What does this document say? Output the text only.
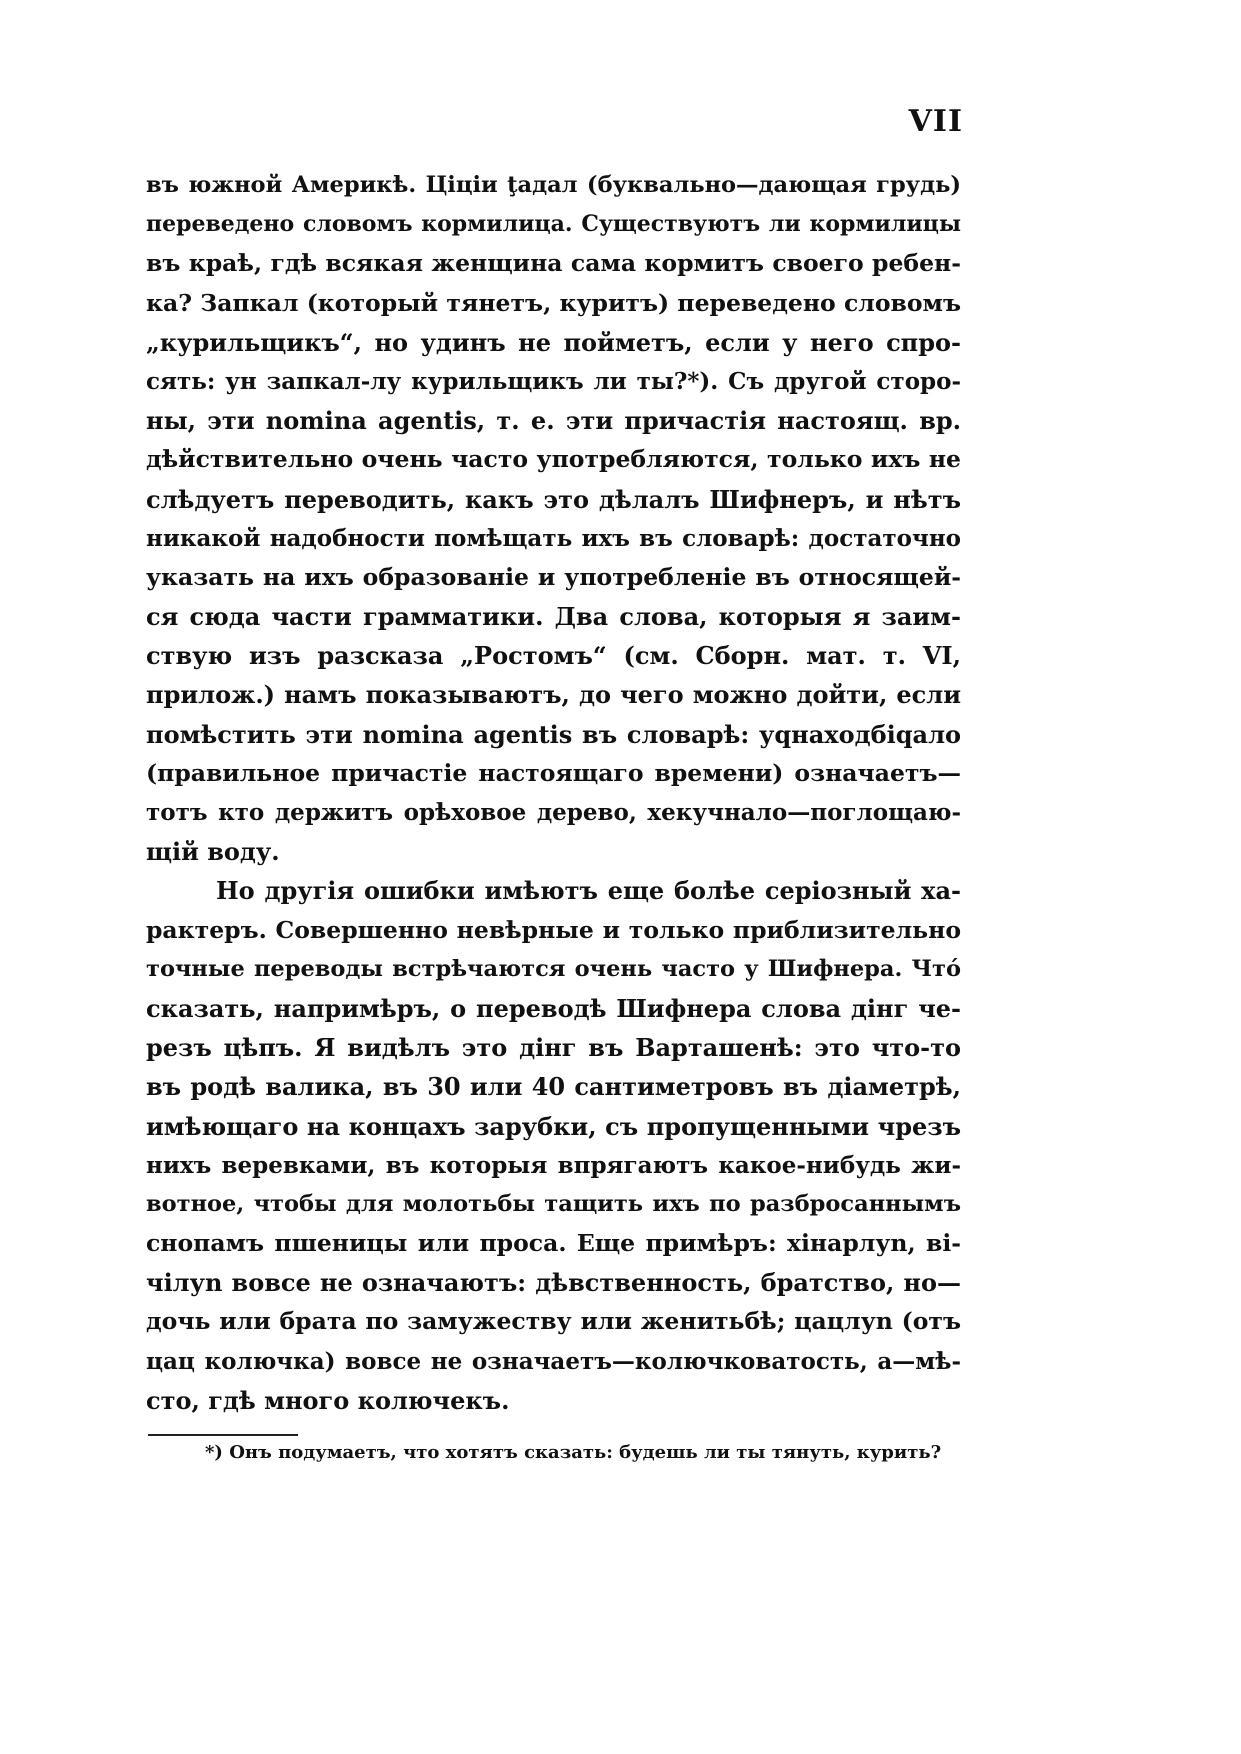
VII
въ южной Америкѣ. Ціціи ţадал (буквально—дающая грудь)
переведено словомъ кормилица. Существуютъ ли кормилицы
въ краѣ, гдѣ всякая женщина сама кормитъ своего ребен-
ка? Запкал (который тянетъ, куритъ) переведено словомъ
„курильщикъ“, но удинъ не пойметъ, если у него спро-
сять: ун запкал-лу курильщикъ ли ты?*). Съ другой сторо-
ны, эти nomina agentis, т. е. эти причастія настоящ. вр.
дѣйствительно очень часто употребляются, только ихъ не
слѣдуетъ переводить, какъ это дѣлалъ Шифнеръ, и нѣтъ
никакой надобности помѣщать ихъ въ словарѣ: достаточно
указать на ихъ образованіе и употребленіе въ относящей-
ся сюда части грамматики. Два слова, которыя я заим-
ствую изъ разсказа „Ростомъ“ (см. Сборн. мат. т. VI,
прилож.) намъ показываютъ, до чего можно дойти, если
помѣстить эти nomina agentis въ словарѣ: уqнаходбіqало
(правильное причастіе настоящаго времени) означаетъ—
тотъ кто держитъ орѣховое дерево, хекучнало—поглощаю-
щій воду.
Но другія ошибки имѣютъ еще болѣе серіозный ха-
рактеръ. Совершенно невѣрные и только приблизительно
точные переводы встрѣчаются очень часто у Шифнера. Чтó
сказать, напримѣръ, о переводѣ Шифнера слова дінг че-
резъ цѣпъ. Я видѣлъ это дінг въ Варташенѣ: это что-то
въ родѣ валика, въ 30 или 40 сантиметровъ въ діаметрѣ,
имѣющаго на концахъ зарубки, съ пропущенными чрезъ
нихъ веревками, въ которыя впрягаютъ какое-нибудь жи-
вотное, чтобы для молотьбы тащить ихъ по разбросаннымъ
снопамъ пшеницы или проса. Еще примѣръ: хінарлуn, ві-
чілуn вовсе не означаютъ: дѣвственность, братство, но—
дочь или брата по замужеству или женитьбѣ; цацлуn (отъ
цац колючка) вовсе не означаетъ—колючковатость, а—мѣ-
сто, гдѣ много колючекъ.
*) Онъ подумаетъ, что хотятъ сказать: будешь ли ты тянуть, курить?
